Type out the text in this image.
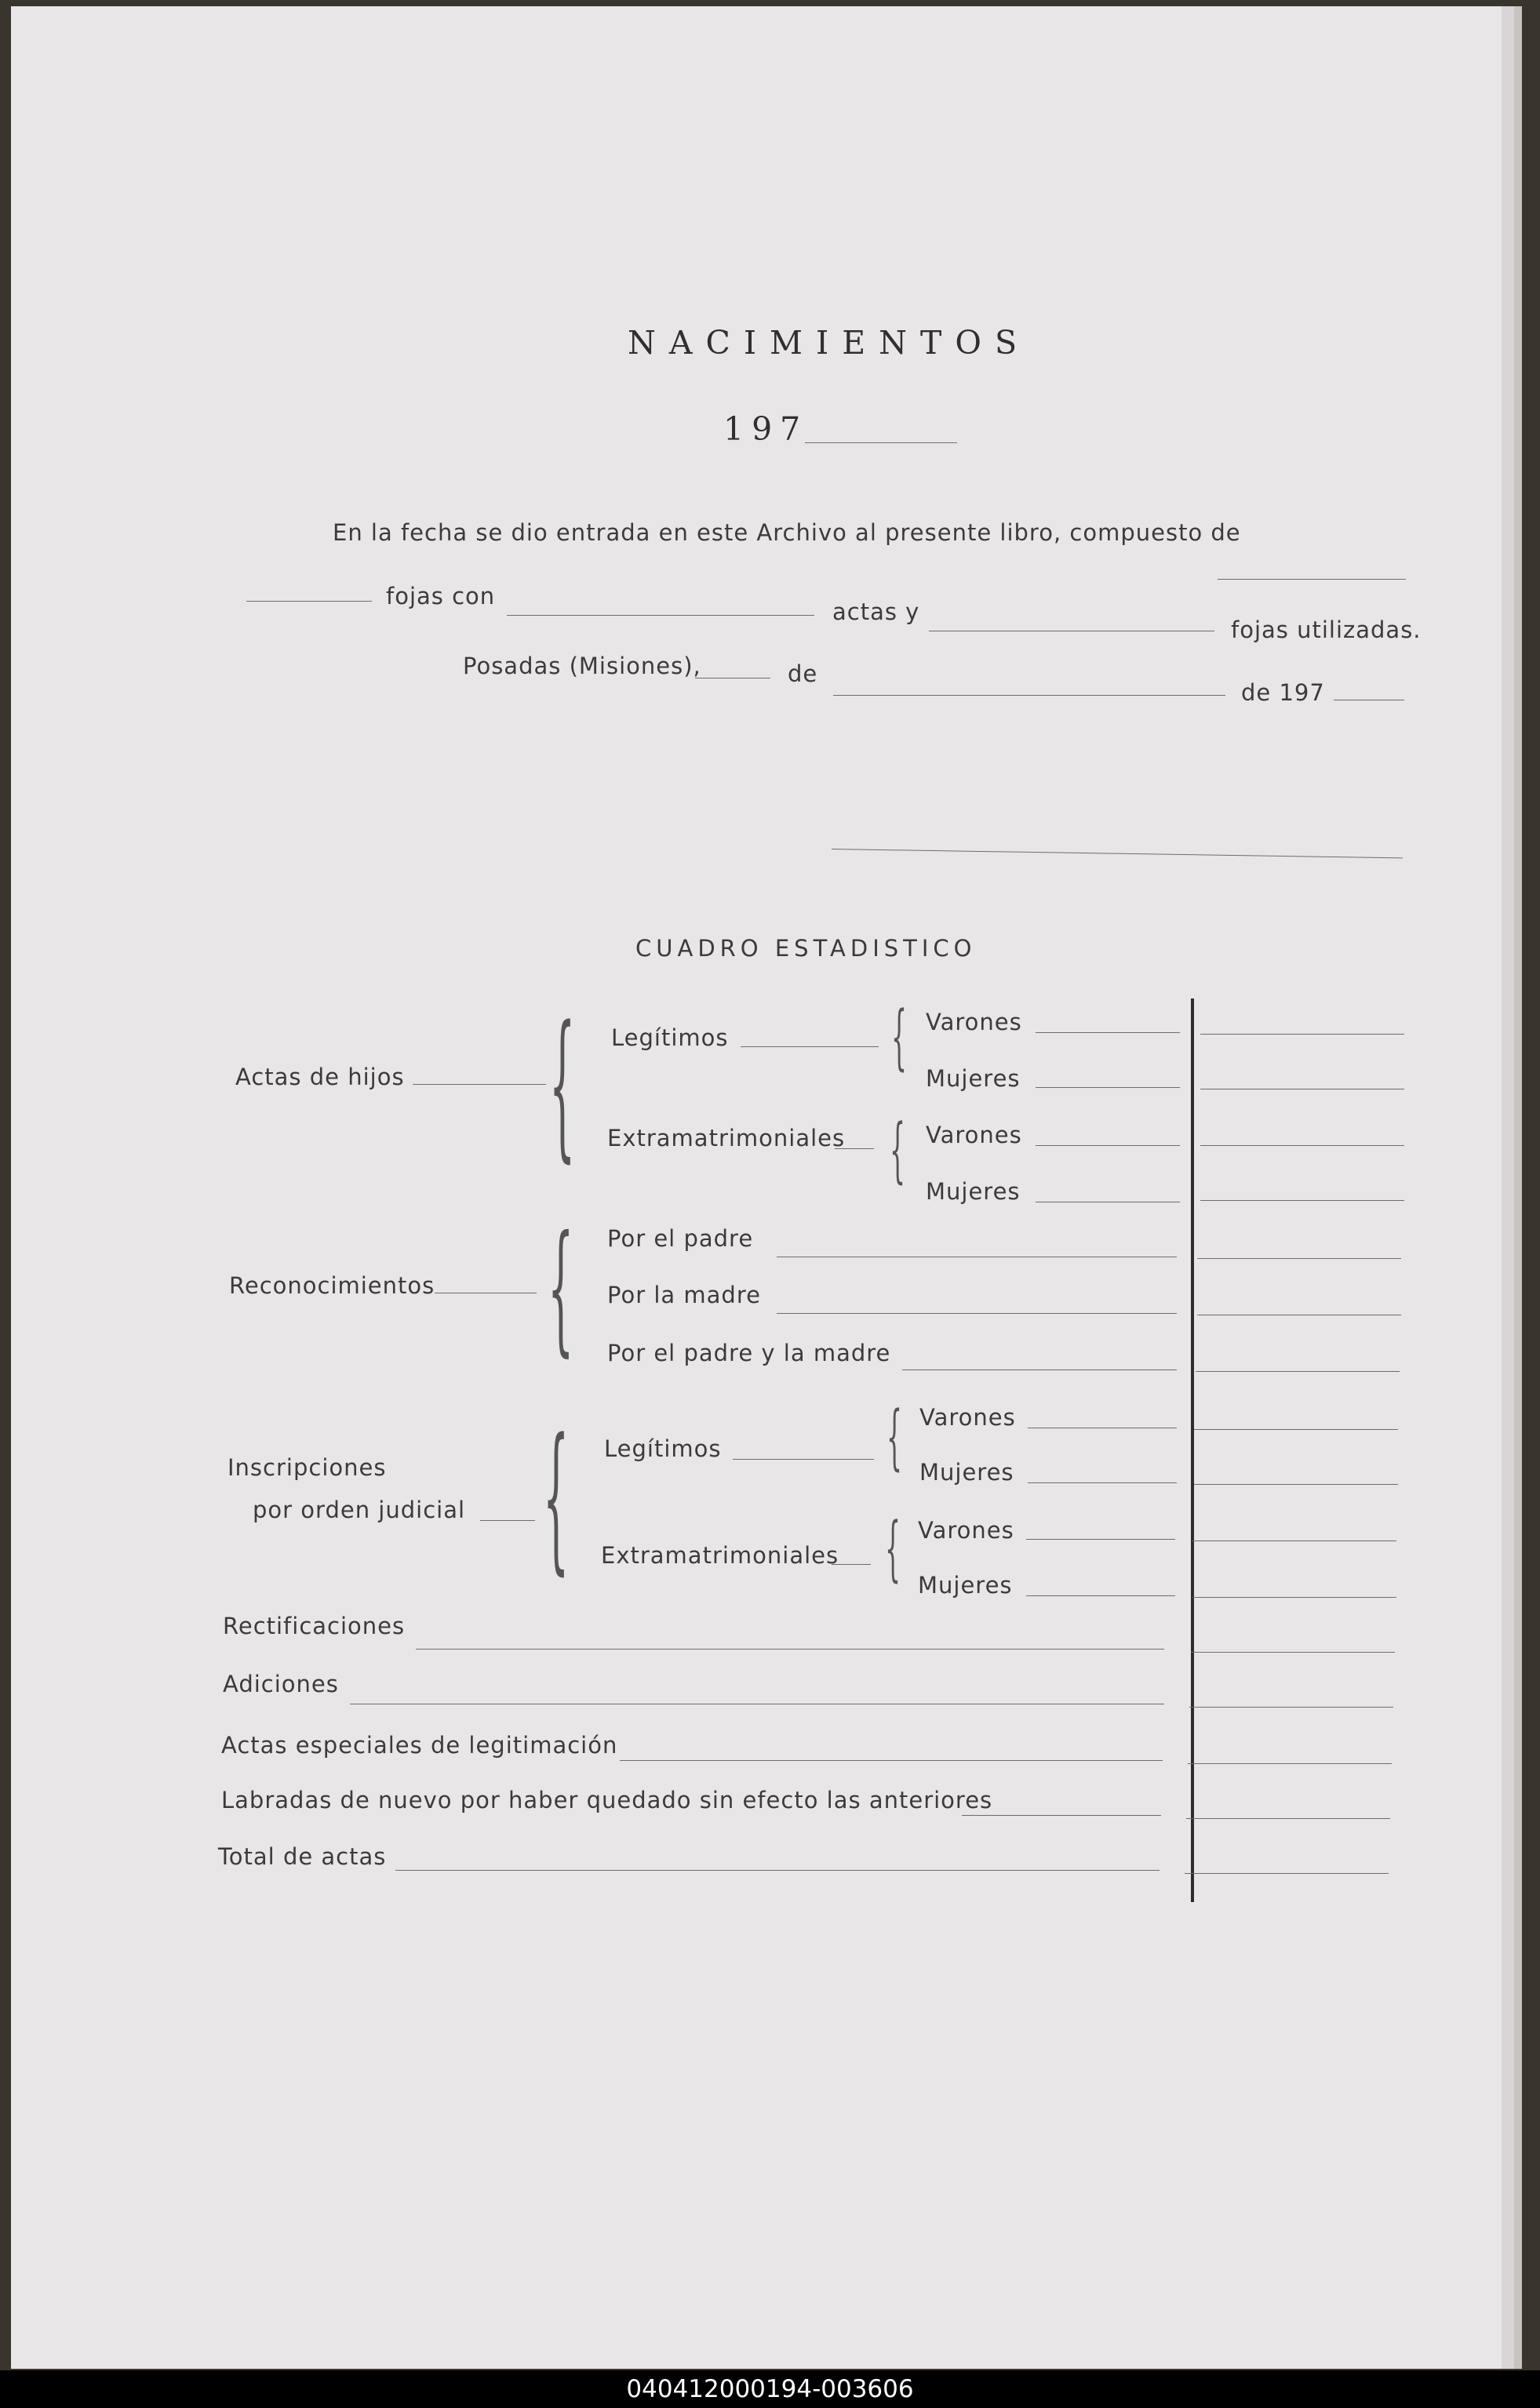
NACIMIENTOS
197
En la fecha se dio entrada en este Archivo al presente libro, compuesto de
fojas con
actas y
fojas utilizadas.
Posadas (Misiones),	de
de 197
CUADRO ESTADISTICO
Actas de hijos { Legítimos { Varones
Mujeres
Extramatrimoniales { Varones
Mujeres
Reconocimientos { Por el padre
Por la madre
Por el padre y la madre
Inscripciones
por orden judicial { Legítimos { Varones
Mujeres
Extramatrimoniales { Varones
Mujeres
Rectificaciones
Adiciones
Actas especiales de legitimación
Labradas de nuevo por haber quedado sin efecto las anteriores
Total de actas
040412000194-003606
